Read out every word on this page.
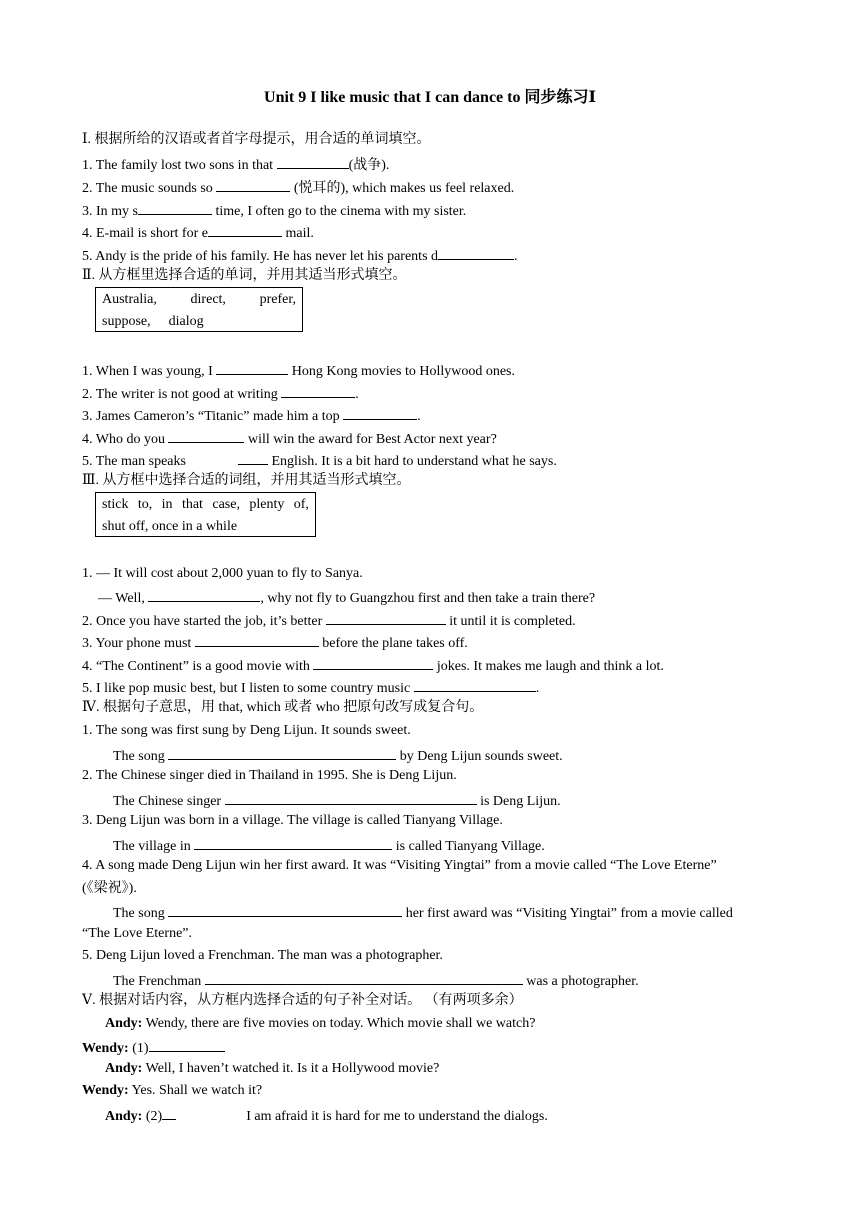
Unit 9 I like music that I can dance to 同步练习Ⅰ
Ⅰ. 根据所给的汉语或者首字母提示，用合适的单词填空。
1. The family lost two sons in that	(战争).
2. The music sounds so	(悦耳的), which makes us feel relaxed.
3. In my s	time, I often go to the cinema with my sister.
4. E-mail is short for e	mail.
5. Andy is the pride of his family. He has never let his parents d	.
Ⅱ. 从方框里选择合适的单词，并用其适当形式填空。
Australia, direct, prefer,
suppose, dialog
1. When I was young, I	Hong Kong movies to Hollywood ones.
2. The writer is not good at writing	.
3. James Cameron’s “Titanic” made him a top	.
4. Who do you	will win the award for Best Actor next year?
5. The man speaks	English. It is a bit hard to understand what he says.
Ⅲ. 从方框中选择合适的词组，并用其适当形式填空。
stick to, in that case, plenty of,
shut off, once in a while
1. — It will cost about 2,000 yuan to fly to Sanya.
— Well,	, why not fly to Guangzhou first and then take a train there?
2. Once you have started the job, it’s better	it until it is completed.
3. Your phone must	before the plane takes off.
4. “The Continent” is a good movie with	jokes. It makes me laugh and think a lot.
5. I like pop music best, but I listen to some country music	.
Ⅳ. 根据句子意思，用 that, which 或者 who 把原句改写成复合句。
1. The song was first sung by Deng Lijun. It sounds sweet.
The song	by Deng Lijun sounds sweet.
2. The Chinese singer died in Thailand in 1995. She is Deng Lijun.
The Chinese singer	is Deng Lijun.
3. Deng Lijun was born in a village. The village is called Tianyang Village.
The village in	is called Tianyang Village.
4. A song made Deng Lijun win her first award. It was “Visiting Yingtai” from a movie called “The Love Eterne”
(《梁祝》).
The song	her first award was “Visiting Yingtai” from a movie called
“The Love Eterne”.
5. Deng Lijun loved a Frenchman. The man was a photographer.
The Frenchman	was a photographer.
Ⅴ. 根据对话内容，从方框内选择合适的句子补全对话。 （有两项多余）
Andy: Wendy, there are five movies on today. Which movie shall we watch?
Wendy: (1)
Andy: Well, I haven’t watched it. Is it a Hollywood movie?
Wendy: Yes. Shall we watch it?
Andy: (2)	I am afraid it is hard for me to understand the dialogs.
